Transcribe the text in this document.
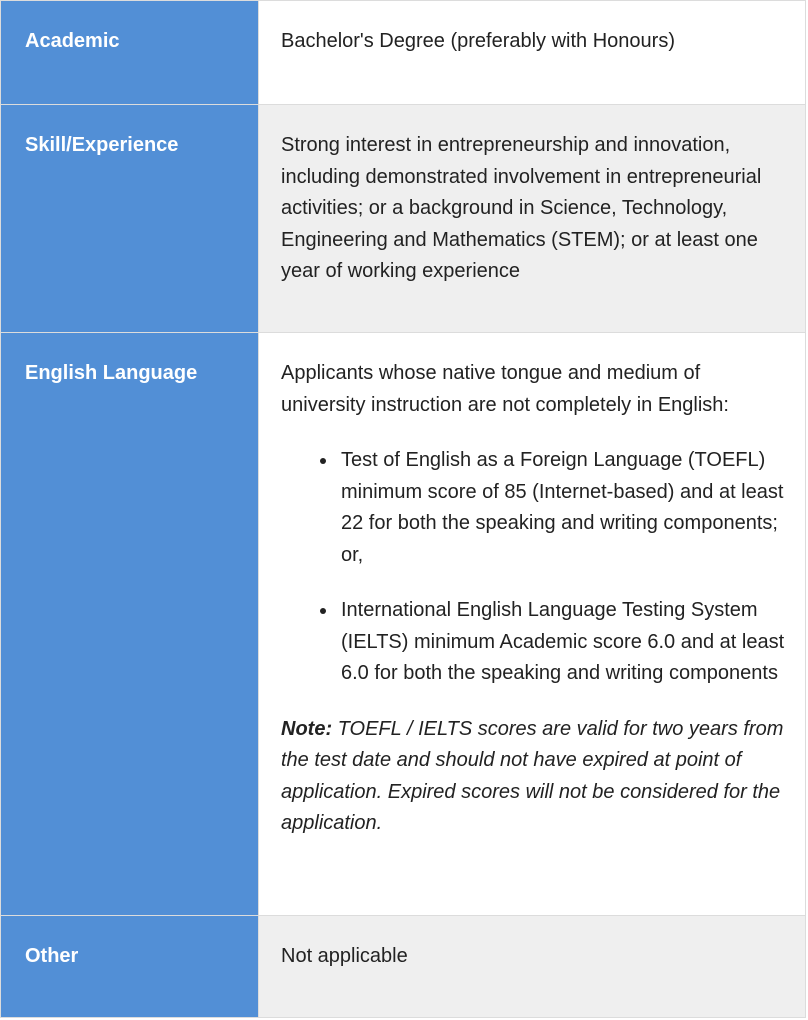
Academic	Bachelor's Degree (preferably with Honours)

Skill/Experience	Strong interest in entrepreneurship and innovation, including demonstrated involvement in entrepreneurial activities; or a background in Science, Technology, Engineering and Mathematics (STEM); or at least one year of working experience

English Language	Applicants whose native tongue and medium of university instruction are not completely in English:

Test of English as a Foreign Language (TOEFL) minimum score of 85 (Internet-based) and at least 22 for both the speaking and writing components; or,
International English Language Testing System (IELTS) minimum Academic score 6.0 and at least 6.0 for both the speaking and writing components

Note: TOEFL / IELTS scores are valid for two years from the test date and should not have expired at point of application. Expired scores will not be considered for the application.

Other	Not applicable
